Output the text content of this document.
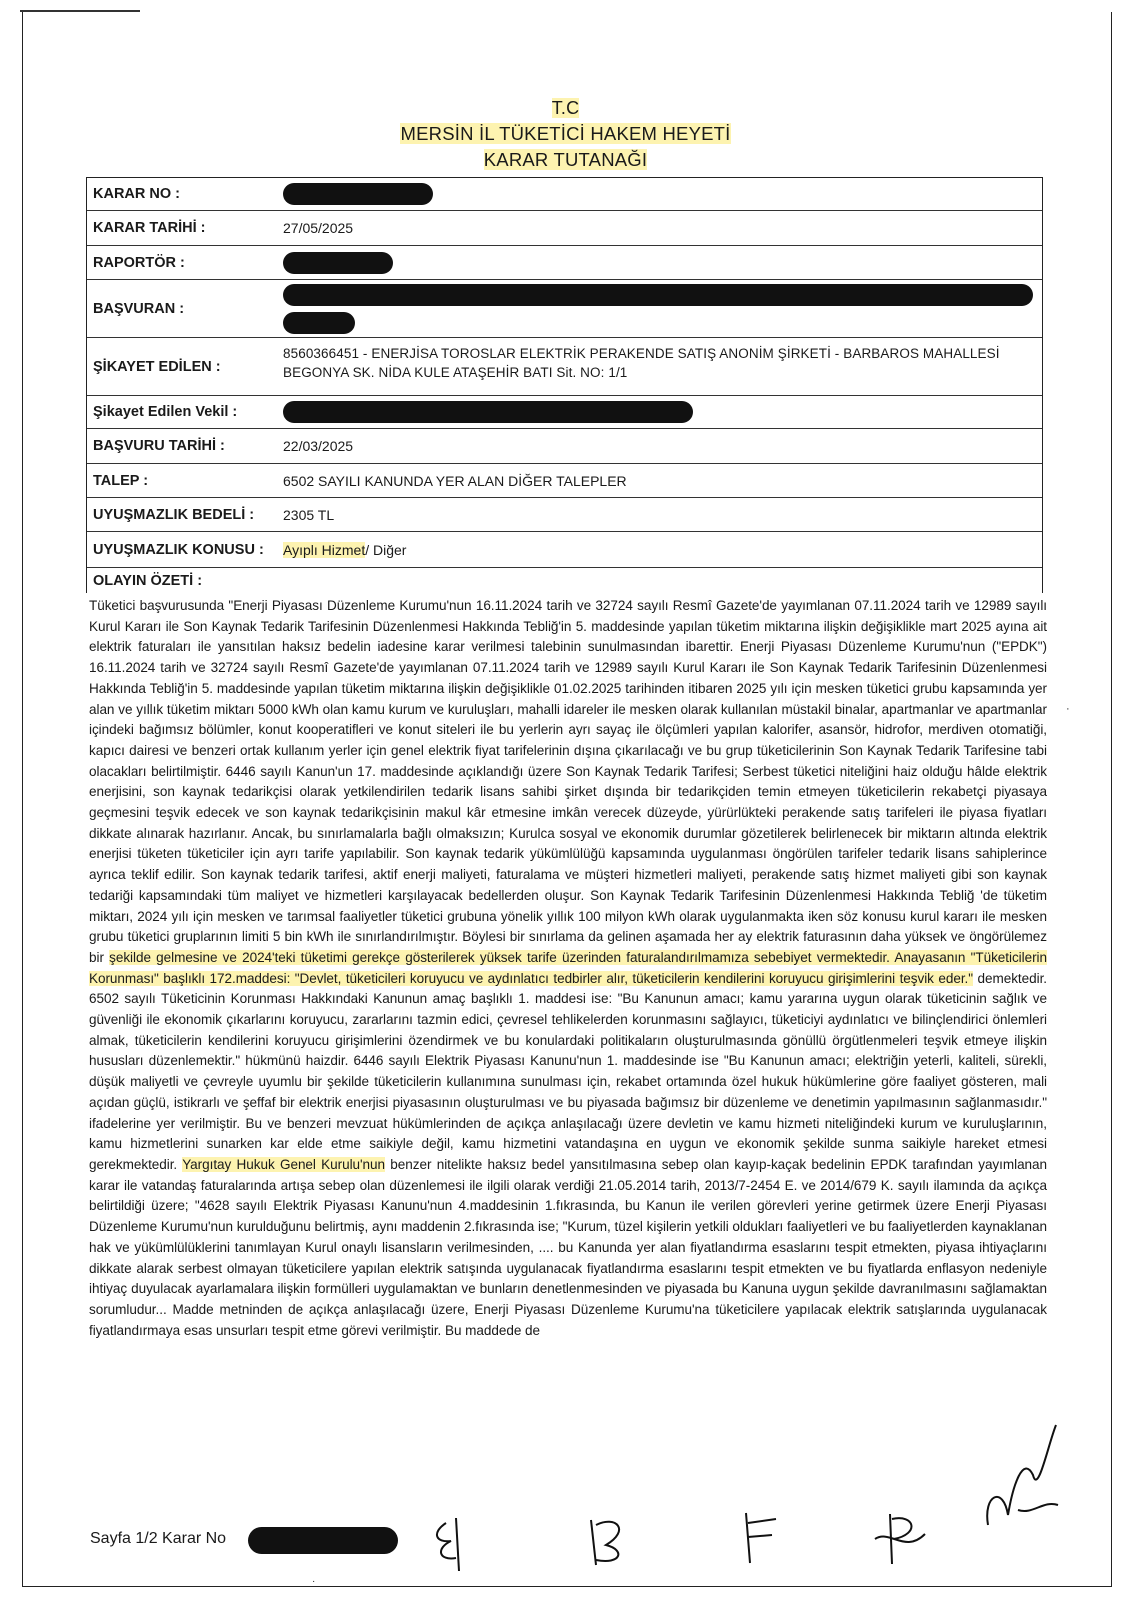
T.C
MERSİN İL TÜKETİCİ HAKEM HEYETİ
KARAR TUTANAĞI
KARAR NO :
KARAR TARİHİ :	27/05/2025
RAPORTÖR :
BAŞVURAN :
ŞİKAYET EDİLEN :
8560366451 - ENERJİSA TOROSLAR ELEKTRİK PERAKENDE SATIŞ ANONİM ŞİRKETİ - BARBAROS MAHALLESİ
BEGONYA SK. NİDA KULE ATAŞEHİR BATI Sit. NO: 1/1
Şikayet Edilen Vekil :
BAŞVURU TARİHİ :	22/03/2025
TALEP :	6502 SAYILI KANUNDA YER ALAN DİĞER TALEPLER
UYUŞMAZLIK BEDELİ :	2305 TL
UYUŞMAZLIK KONUSU :	Ayıplı Hizmet / Diğer
OLAYIN ÖZETİ :

Tüketici başvurusunda "Enerji Piyasası Düzenleme Kurumu'nun 16.11.2024 tarih ve 32724 sayılı Resmî Gazete'de yayımlanan 07.11.2024 tarih ve 12989 sayılı Kurul Kararı ile Son Kaynak Tedarik Tarifesinin Düzenlenmesi Hakkında Tebliğ'in 5. maddesinde yapılan tüketim miktarına ilişkin değişiklikle mart 2025 ayına ait elektrik faturaları ile yansıtılan haksız bedelin iadesine karar verilmesi talebinin sunulmasından ibarettir. Enerji Piyasası Düzenleme Kurumu'nun ("EPDK") 16.11.2024 tarih ve 32724 sayılı Resmî Gazete'de yayımlanan 07.11.2024 tarih ve 12989 sayılı Kurul Kararı ile Son Kaynak Tedarik Tarifesinin Düzenlenmesi Hakkında Tebliğ'in 5. maddesinde yapılan tüketim miktarına ilişkin değişiklikle 01.02.2025 tarihinden itibaren 2025 yılı için mesken tüketici grubu kapsamında yer alan ve yıllık tüketim miktarı 5000 kWh olan kamu kurum ve kuruluşları, mahalli idareler ile mesken olarak kullanılan müstakil binalar, apartmanlar ve apartmanlar içindeki bağımsız bölümler, konut kooperatifleri ve konut siteleri ile bu yerlerin ayrı sayaç ile ölçümleri yapılan kalorifer, asansör, hidrofor, merdiven otomatiği, kapıcı dairesi ve benzeri ortak kullanım yerler için genel elektrik fiyat tarifelerinin dışına çıkarılacağı ve bu grup tüketicilerinin Son Kaynak Tedarik Tarifesine tabi olacakları belirtilmiştir. 6446 sayılı Kanun'un 17. maddesinde açıklandığı üzere Son Kaynak Tedarik Tarifesi; Serbest tüketici niteliğini haiz olduğu hâlde elektrik enerjisini, son kaynak tedarikçisi olarak yetkilendirilen tedarik lisans sahibi şirket dışında bir tedarikçiden temin etmeyen tüketicilerin rekabetçi piyasaya geçmesini teşvik edecek ve son kaynak tedarikçisinin makul kâr etmesine imkân verecek düzeyde, yürürlükteki perakende satış tarifeleri ile piyasa fiyatları dikkate alınarak hazırlanır. Ancak, bu sınırlamalarla bağlı olmaksızın; Kurulca sosyal ve ekonomik durumlar gözetilerek belirlenecek bir miktarın altında elektrik enerjisi tüketen tüketiciler için ayrı tarife yapılabilir. Son kaynak tedarik yükümlülüğü kapsamında uygulanması öngörülen tarifeler tedarik lisans sahiplerince ayrıca teklif edilir. Son kaynak tedarik tarifesi, aktif enerji maliyeti, faturalama ve müşteri hizmetleri maliyeti, perakende satış hizmet maliyeti gibi son kaynak tedariği kapsamındaki tüm maliyet ve hizmetleri karşılayacak bedellerden oluşur. Son Kaynak Tedarik Tarifesinin Düzenlenmesi Hakkında Tebliğ 'de tüketim miktarı, 2024 yılı için mesken ve tarımsal faaliyetler tüketici grubuna yönelik yıllık 100 milyon kWh olarak uygulanmakta iken söz konusu kurul kararı ile mesken grubu tüketici gruplarının limiti 5 bin kWh ile sınırlandırılmıştır. Böylesi bir sınırlama da gelinen aşamada her ay elektrik faturasının daha yüksek ve öngörülemez bir şekilde gelmesine ve 2024'teki tüketimi gerekçe gösterilerek yüksek tarife üzerinden faturalandırılmamıza sebebiyet vermektedir. Anayasanın "Tüketicilerin Korunması" başlıklı 172.maddesi: "Devlet, tüketicileri koruyucu ve aydınlatıcı tedbirler alır, tüketicilerin kendilerini koruyucu girişimlerini teşvik eder." demektedir. 6502 sayılı Tüketicinin Korunması Hakkındaki Kanunun amaç başlıklı 1. maddesi ise: "Bu Kanunun amacı; kamu yararına uygun olarak tüketicinin sağlık ve güvenliği ile ekonomik çıkarlarını koruyucu, zararlarını tazmin edici, çevresel tehlikelerden korunmasını sağlayıcı, tüketiciyi aydınlatıcı ve bilinçlendirici önlemleri almak, tüketicilerin kendilerini koruyucu girişimlerini özendirmek ve bu konulardaki politikaların oluşturulmasında gönüllü örgütlenmeleri teşvik etmeye ilişkin hususları düzenlemektir." hükmünü haizdir. 6446 sayılı Elektrik Piyasası Kanunu'nun 1. maddesinde ise "Bu Kanunun amacı; elektriğin yeterli, kaliteli, sürekli, düşük maliyetli ve çevreyle uyumlu bir şekilde tüketicilerin kullanımına sunulması için, rekabet ortamında özel hukuk hükümlerine göre faaliyet gösteren, mali açıdan güçlü, istikrarlı ve şeffaf bir elektrik enerjisi piyasasının oluşturulması ve bu piyasada bağımsız bir düzenleme ve denetimin yapılmasının sağlanmasıdır." ifadelerine yer verilmiştir. Bu ve benzeri mevzuat hükümlerinden de açıkça anlaşılacağı üzere devletin ve kamu hizmeti niteliğindeki kurum ve kuruluşlarının, kamu hizmetlerini sunarken kar elde etme saikiyle değil, kamu hizmetini vatandaşına en uygun ve ekonomik şekilde sunma saikiyle hareket etmesi gerekmektedir. Yargıtay Hukuk Genel Kurulu'nun benzer nitelikte haksız bedel yansıtılmasına sebep olan kayıp-kaçak bedelinin EPDK tarafından yayımlanan karar ile vatandaş faturalarında artışa sebep olan düzenlemesi ile ilgili olarak verdiği 21.05.2014 tarih, 2013/7-2454 E. ve 2014/679 K. sayılı ilamında da açıkça belirtildiği üzere; "4628 sayılı Elektrik Piyasası Kanunu'nun 4.maddesinin 1.fıkrasında, bu Kanun ile verilen görevleri yerine getirmek üzere Enerji Piyasası Düzenleme Kurumu'nun kurulduğunu belirtmiş, aynı maddenin 2.fıkrasında ise; "Kurum, tüzel kişilerin yetkili oldukları faaliyetleri ve bu faaliyetlerden kaynaklanan hak ve yükümlülüklerini tanımlayan Kurul onaylı lisansların verilmesinden, .... bu Kanunda yer alan fiyatlandırma esaslarını tespit etmekten, piyasa ihtiyaçlarını dikkate alarak serbest olmayan tüketicilere yapılan elektrik satışında uygulanacak fiyatlandırma esaslarını tespit etmekten ve bu fiyatlarda enflasyon nedeniyle ihtiyaç duyulacak ayarlamalara ilişkin formülleri uygulamaktan ve bunların denetlenmesinden ve piyasada bu Kanuna uygun şekilde davranılmasını sağlamaktan sorumludur... Madde metninden de açıkça anlaşılacağı üzere, Enerji Piyasası Düzenleme Kurumu'na tüketicilere yapılacak elektrik satışlarında uygulanacak fiyatlandırmaya esas unsurları tespit etme görevi verilmiştir. Bu maddede de

·
Sayfa 1/2 Karar No
·
